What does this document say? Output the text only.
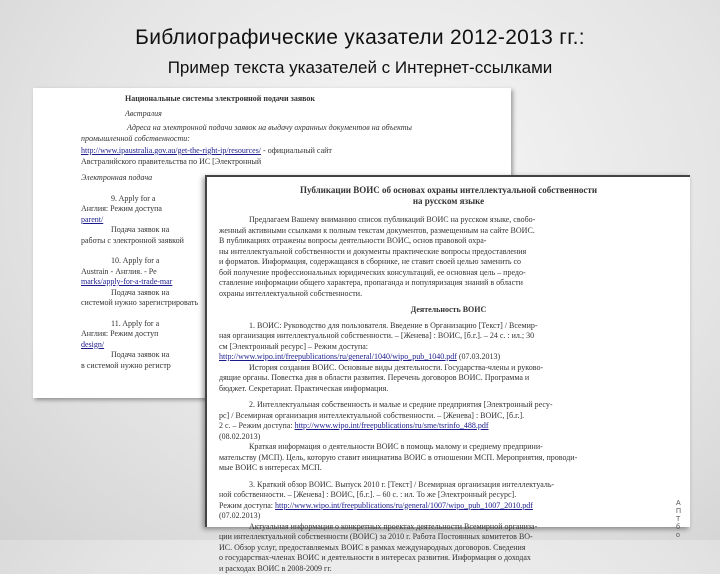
Библиографические указатели 2012-2013 гг.:
Пример текста указателей с Интернет-ссылками
Национальные системы электронной подачи заявок
Австралия
Адреса на электронной подачи заявок на выдачу охранных документов на объекты
промышленной собственности:
http://www.ipaustralia.gov.au/get-the-right-ip/resources/ - официальный сайт
Австралийского правительства по ИС [Электронный
Электронная подача
9. Apply for a
Англия: Режим доступа
parent/
Подача заявок на
работы с электронной заявкой
10. Apply for a
Austrain - Англия. - Ре
marks/apply-for-a-trade-mar
Подача заявок на
системой нужно зарегистрировать
11. Apply for a
Англия: Режим доступ
design/
Подача заявок на
в системой нужно регистр
Публикации ВОИС об основах охраны интеллектуальной собственности
на русском языке
Предлагаем Вашему вниманию список публикаций ВОИС на русском языке, свобо-
женный активными ссылками к полным текстам документов, размещенным на сайте ВОИС.
В публикациях отражены вопросы деятельности ВОИС, основ правовой охра-
ны интеллектуальной собственности и документы практические вопросы предоставления
и форматов. Информация, содержащаяся в сборнике, не ставит своей целью заменить со
бой получение профессиональных юридических консультаций, ее основная цель – предо-
ставление информации общего характера, пропаганда и популяризация знаний в области
охраны интеллектуальной собственности.
Деятельность ВОИС
1. ВОИС: Руководство для пользователя. Введение в Организацию [Текст] / Всемир-
ная организация интеллектуальной собственности. – [Женева] : ВОИС, [б.г.]. – 24 с. : ил.; 30
см [Электронный ресурс] – Режим доступа:
http://www.wipo.int/freepublications/ru/general/1040/wipo_pub_1040.pdf (07.03.2013)
История создания ВОИС. Основные виды деятельности. Государства-члены и руково-
дящие органы. Повестка дня в области развития. Перечень договоров ВОИС. Программа и
бюджет. Секретариат. Практическая информация.
2. Интеллектуальная собственность и малые и средние предприятия [Электронный ресу-
рс] / Всемирная организация интеллектуальной собственности. – [Женева] : ВОИС, [б.г.].
2 с. – Режим доступа: http://www.wipo.int/freepublications/ru/sme/tsrinfo_488.pdf
(08.02.2013)
Краткая информация о деятельности ВОИС в помощь малому и среднему предприни-
мательству (МСП). Цель, которую ставит инициатива ВОИС в отношении МСП. Мероприятия, проводи-
мые ВОИС в интересах МСП.
3. Краткий обзор ВОИС. Выпуск 2010 г. [Текст] / Всемирная организация интеллектуаль-
ной собственности. – [Женева] : ВОИС, [б.г.]. – 60 с. : ил. То же [Электронный ресурс].
Режим доступа: http://www.wipo.int/freepublications/ru/general/1007/wipo_pub_1007_2010.pdf
(07.02.2013)
Актуальная информация о конкретных проектах деятельности Всемирной организа-
ции интеллектуальной собственности (ВОИС) за 2010 г. Работа Постоянных комитетов ВО-
ИС. Обзор услуг, предоставляемых ВОИС в рамках международных договоров. Сведения
о государствах-членах ВОИС и деятельности в интересах развития. Информация о доходах
и расходах ВОИС в 2008-2009 гг.
А
П
Т
б
о
